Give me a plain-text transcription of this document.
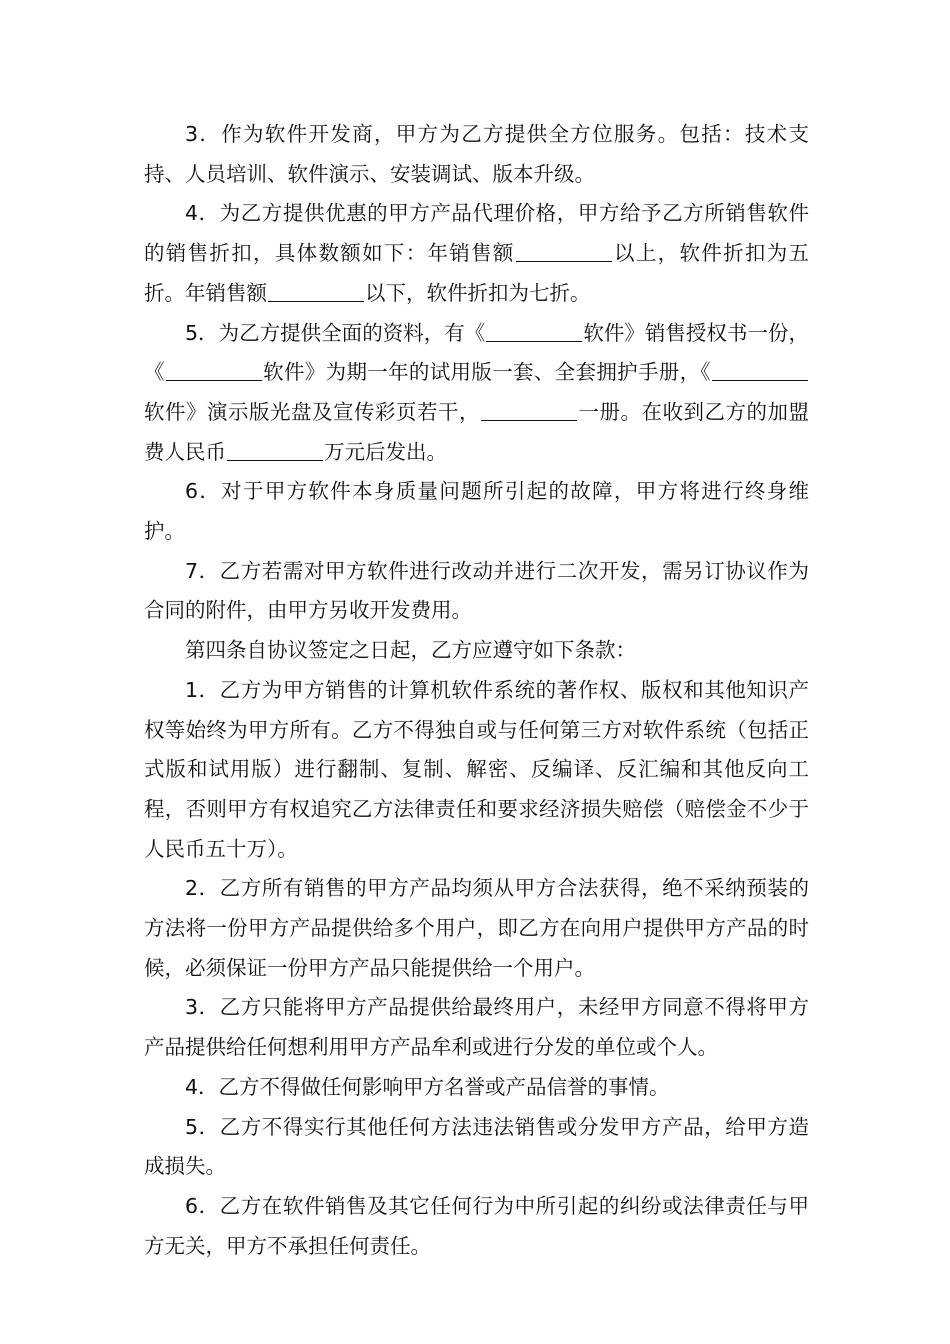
3．作为软件开发商，甲方为乙方提供全方位服务。包括：技术支持、人员培训、软件演示、安装调试、版本升级。

4．为乙方提供优惠的甲方产品代理价格，甲方给予乙方所销售软件的销售折扣，具体数额如下：年销售额	以上，软件折扣为五折。年销售额	以下，软件折扣为七折。

5．为乙方提供全面的资料，有《	软件》销售授权书一份，《	软件》为期一年的试用版一套、全套拥护手册，《软件》演示版光盘及宣传彩页若干，	一册。在收到乙方的加盟费人民币	万元后发出。

6．对于甲方软件本身质量问题所引起的故障，甲方将进行终身维护。

7．乙方若需对甲方软件进行改动并进行二次开发，需另订协议作为合同的附件，由甲方另收开发费用。

第四条自协议签定之日起，乙方应遵守如下条款：

1．乙方为甲方销售的计算机软件系统的著作权、版权和其他知识产权等始终为甲方所有。乙方不得独自或与任何第三方对软件系统（包括正式版和试用版）进行翻制、复制、解密、反编译、反汇编和其他反向工程，否则甲方有权追究乙方法律责任和要求经济损失赔偿（赔偿金不少于人民币五十万）。

2．乙方所有销售的甲方产品均须从甲方合法获得，绝不采纳预装的方法将一份甲方产品提供给多个用户，即乙方在向用户提供甲方产品的时候，必须保证一份甲方产品只能提供给一个用户。

3．乙方只能将甲方产品提供给最终用户，未经甲方同意不得将甲方产品提供给任何想利用甲方产品牟利或进行分发的单位或个人。

4．乙方不得做任何影响甲方名誉或产品信誉的事情。

5．乙方不得实行其他任何方法违法销售或分发甲方产品，给甲方造成损失。

6．乙方在软件销售及其它任何行为中所引起的纠纷或法律责任与甲方无关，甲方不承担任何责任。
